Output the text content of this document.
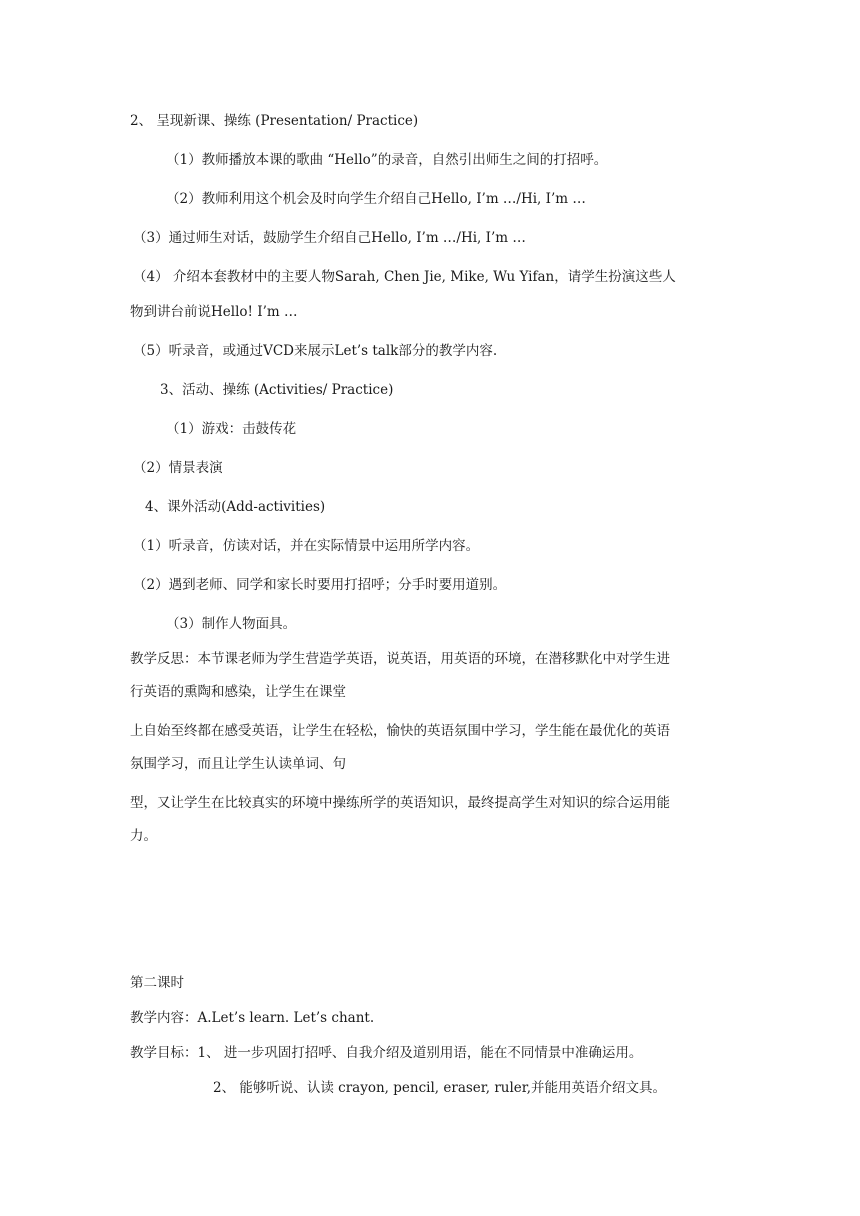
2、 呈现新课、操练 (Presentation/ Practice)
（1）教师播放本课的歌曲 “Hello”的录音，自然引出师生之间的打招呼。
（2）教师利用这个机会及时向学生介绍自己Hello, I’m …/Hi, I’m …
（3）通过师生对话，鼓励学生介绍自己Hello, I’m …/Hi, I’m …
（4） 介绍本套教材中的主要人物Sarah, Chen Jie, Mike, Wu Yifan，请学生扮演这些人
物到讲台前说Hello! I’m …
（5）听录音，或通过VCD来展示Let’s talk部分的教学内容.
3、活动、操练 (Activities/ Practice)
（1）游戏：击鼓传花
（2）情景表演
4、课外活动(Add-activities)
（1）听录音，仿读对话，并在实际情景中运用所学内容。
（2）遇到老师、同学和家长时要用打招呼；分手时要用道别。
（3）制作人物面具。
教学反思：本节课老师为学生营造学英语，说英语，用英语的环境，在潜移默化中对学生进
行英语的熏陶和感染，让学生在课堂
上自始至终都在感受英语，让学生在轻松，愉快的英语氛围中学习，学生能在最优化的英语
氛围学习，而且让学生认读单词、句
型，又让学生在比较真实的环境中操练所学的英语知识，最终提高学生对知识的综合运用能
力。
第二课时
教学内容：A.Let’s learn. Let’s chant.
教学目标：1、 进一步巩固打招呼、自我介绍及道别用语，能在不同情景中准确运用。
2、 能够听说、认读 crayon, pencil, eraser, ruler,并能用英语介绍文具。
